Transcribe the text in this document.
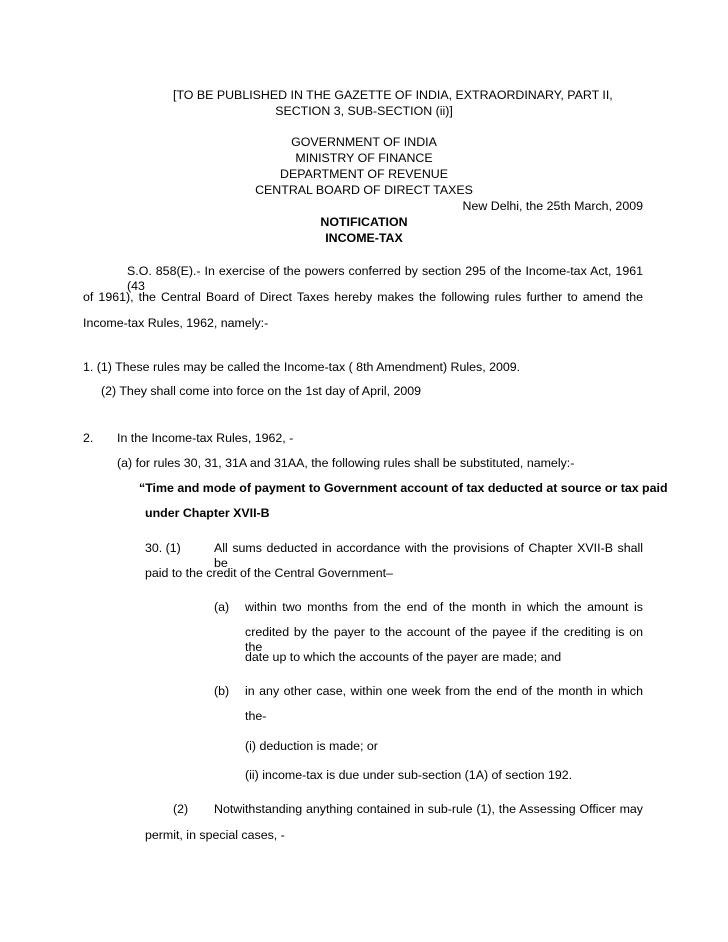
[TO BE PUBLISHED IN THE GAZETTE OF INDIA, EXTRAORDINARY, PART II,
SECTION 3, SUB-SECTION (ii)]
GOVERNMENT OF INDIA
MINISTRY OF FINANCE
DEPARTMENT OF REVENUE
CENTRAL BOARD OF DIRECT TAXES
New Delhi, the 25th March, 2009
NOTIFICATION
INCOME-TAX
S.O. 858(E).- In exercise of the powers conferred by section 295 of the Income-tax Act, 1961 (43
of 1961), the Central Board of Direct Taxes hereby makes the following rules further to amend the
Income-tax Rules, 1962, namely:-
1. (1) These rules may be called the Income-tax ( 8th Amendment) Rules, 2009.
(2) They shall come into force on the 1st day of April, 2009
2. In the Income-tax Rules, 1962, -
(a) for rules 30, 31, 31A and 31AA, the following rules shall be substituted, namely:-
“Time and mode of payment to Government account of tax deducted at source or tax paid
under Chapter XVII-B
30. (1)	All sums deducted in accordance with the provisions of Chapter XVII-B shall be
paid to the credit of the Central Government–
(a) within two months from the end of the month in which the amount is
credited by the payer to the account of the payee if the crediting is on the
date up to which the accounts of the payer are made; and
(b) in any other case, within one week from the end of the month in which
the-
(i) deduction is made; or
(ii) income-tax is due under sub-section (1A) of section 192.
(2) Notwithstanding anything contained in sub-rule (1), the Assessing Officer may
permit, in special cases, -
